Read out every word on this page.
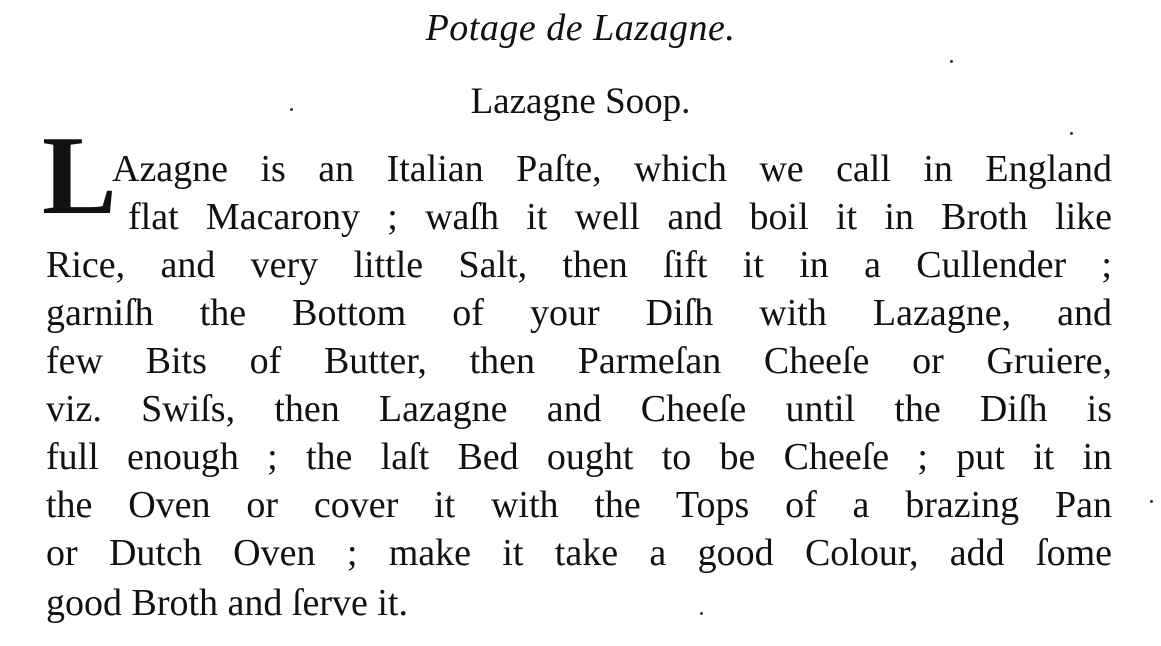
Potage de Lazagne.
Lazagne Soop.
L
Azagne is an Italian Paſte, which we call in England
flat Macarony ; waſh it well and boil it in Broth like
Rice, and very little Salt, then ſift it in a Cullender ;
garniſh the Bottom of your Diſh with Lazagne, and
few Bits of Butter, then Parmeſan Cheeſe or Gruiere,
viz. Swiſs, then Lazagne and Cheeſe until the Diſh is
full enough ; the laſt Bed ought to be Cheeſe ; put it in
the Oven or cover it with the Tops of a brazing Pan
or Dutch Oven ; make it take a good Colour, add ſome
good Broth and ſerve it.
